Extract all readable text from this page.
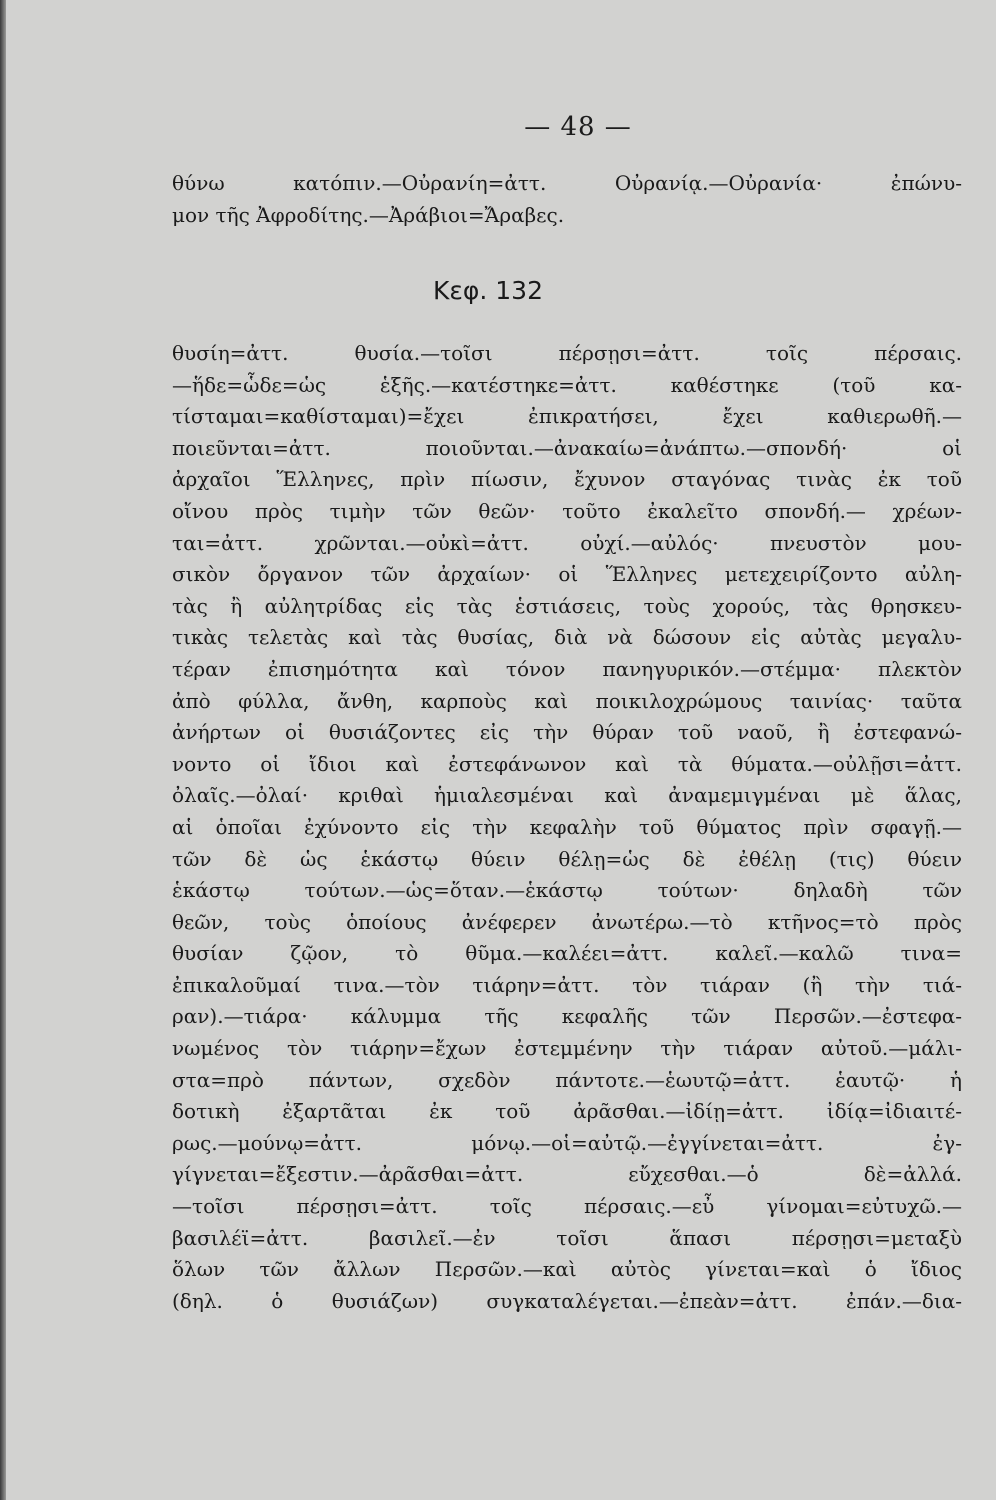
— 48 —
θύνω κατόπιν.—Οὐρανίη=ἀττ. Οὐρανίᾳ.—Οὐρανία· ἐπώνυ-
μον τῆς Ἀφροδίτης.—Ἀράβιοι=Ἄραβες.
Κεφ. 132
θυσίη=ἀττ. θυσία.—τοῖσι πέρσῃσι=ἀττ. τοῖς πέρσαις.
—ἥδε=ὧδε=ὡς ἑξῆς.—κατέστηκε=ἀττ. καθέστηκε (τοῦ κα-
τίσταμαι=καθίσταμαι)=ἔχει ἐπικρατήσει, ἔχει καθιερωθῆ.—
ποιεῦνται=ἀττ. ποιοῦνται.—ἀνακαίω=ἀνάπτω.—σπονδή· οἱ
ἀρχαῖοι Ἕλληνες, πρὶν πίωσιν, ἔχυνον σταγόνας τινὰς ἐκ τοῦ
οἴνου πρὸς τιμὴν τῶν θεῶν· τοῦτο ἐκαλεῖτο σπονδή.— χρέων-
ται=ἀττ. χρῶνται.—οὐκὶ=ἀττ. οὐχί.—αὐλός· πνευστὸν μου-
σικὸν ὄργανον τῶν ἀρχαίων· οἱ Ἕλληνες μετεχειρίζοντο αὐλη-
τὰς ἢ αὐλητρίδας εἰς τὰς ἑστιάσεις, τοὺς χορούς, τὰς θρησκευ-
τικὰς τελετὰς καὶ τὰς θυσίας, διὰ νὰ δώσουν εἰς αὐτὰς μεγαλυ-
τέραν ἐπισημότητα καὶ τόνον πανηγυρικόν.—στέμμα· πλεκτὸν
ἀπὸ φύλλα, ἄνθη, καρποὺς καὶ ποικιλοχρώμους ταινίας· ταῦτα
ἀνήρτων οἱ θυσιάζοντες εἰς τὴν θύραν τοῦ ναοῦ, ἢ ἐστεφανώ-
νοντο οἱ ἴδιοι καὶ ἐστεφάνωνον καὶ τὰ θύματα.—οὐλῇσι=ἀττ.
ὀλαῖς.—ὀλαί· κριθαὶ ἡμιαλεσμέναι καὶ ἀναμεμιγμέναι μὲ ἅλας,
αἱ ὁποῖαι ἐχύνοντο εἰς τὴν κεφαλὴν τοῦ θύματος πρὶν σφαγῇ.—
τῶν δὲ ὡς ἑκάστῳ θύειν θέλῃ=ὡς δὲ ἐθέλῃ (τις) θύειν
ἑκάστῳ τούτων.—ὡς=ὅταν.—ἑκάστῳ τούτων· δηλαδὴ τῶν
θεῶν, τοὺς ὁποίους ἀνέφερεν ἀνωτέρω.—τὸ κτῆνος=τὸ πρὸς
θυσίαν ζῷον, τὸ θῦμα.—καλέει=ἀττ. καλεῖ.—καλῶ τινα=
ἐπικαλοῦμαί τινα.—τὸν τιάρην=ἀττ. τὸν τιάραν (ἢ τὴν τιά-
ραν).—τιάρα· κάλυμμα τῆς κεφαλῆς τῶν Περσῶν.—ἐστεφα-
νωμένος τὸν τιάρην=ἔχων ἐστεμμένην τὴν τιάραν αὐτοῦ.—μάλι-
στα=πρὸ πάντων, σχεδὸν πάντοτε.—ἑωυτῷ=ἀττ. ἑαυτῷ· ἡ
δοτικὴ ἐξαρτᾶται ἐκ τοῦ ἀρᾶσθαι.—ἰδίῃ=ἀττ. ἰδίᾳ=ἰδιαιτέ-
ρως.—μούνῳ=ἀττ. μόνῳ.—οἱ=αὐτῷ.—ἐγγίνεται=ἀττ. ἐγ-
γίγνεται=ἔξεστιν.—ἀρᾶσθαι=ἀττ. εὔχεσθαι.—ὁ δὲ=ἀλλά.
—τοῖσι πέρσῃσι=ἀττ. τοῖς πέρσαις.—εὖ γίνομαι=εὐτυχῶ.—
βασιλέϊ=ἀττ. βασιλεῖ.—ἐν τοῖσι ἅπασι πέρσῃσι=μεταξὺ
ὅλων τῶν ἄλλων Περσῶν.—καὶ αὐτὸς γίνεται=καὶ ὁ ἴδιος
(δηλ. ὁ θυσιάζων) συγκαταλέγεται.—ἐπεὰν=ἀττ. ἐπάν.—δια-
